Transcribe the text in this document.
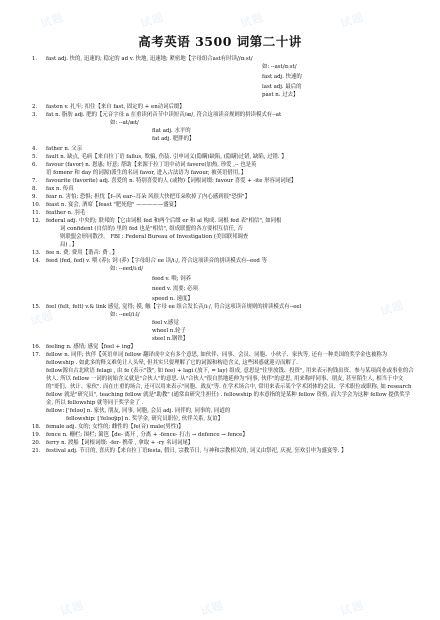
试题	试题	试题	试题
试题
试题
试题	试题	试题
高考英语 3500 词第二十讲
1. fast adj. 快的, 迅速的; 稳定的 ad v. 快地, 迅速地; 紧密地【字母组合ast有时读//ɑːst/
如: --ast/ɑːst/
fast adj. 快速的
last adj. 最后的
past n. 过去】
2. fasten v. 扎牢; 扣住【来自 fast, 固定的 + en动词后缀】
3. fat n. 脂肪 adj. 肥的【元音字母 a 在重读闭音节中读短音/æ/, 符合这项读音规则的拼读模式有--at
如: --at/æt/
flat adj. 水平的
fat adj. 肥胖的】
4. father n. 父亲
5. fault n. 缺点, 毛病【来自拉丁语 fallus, 欺骗, 伤装. 引申词义(隐瞒)缺陷, (隐瞒)过错, 缺陷, 过错. 】
6. favour (favor) n. 恩惠; 好意; 帮助【来源于拉丁语中动词 favere(加热, 珍爱 ,-- 也是英
语 fomenr 和 day 的词源)派生的名词 favor, 进入古法语为 favour, 被英语借用。】
7. favourite (favorite) adj. 喜爱的 n. 特别喜爱的人 (或物)【词根词缀: favour 喜爱 + -ite 形容词词尾】
8. fax n. 传真
9. fear n. 害怕; 恐惧; 担忧【f--风 ear--耳朵 风很大快把耳朵吹掉了内心感到很"恐惧"】
10. feast n. 宴会, 酒席【feast "肥死他" —————盛宴】
11. feather n. 羽毛
12. federal adj. 中央的; 联邦的【它由词根 fed 和两个后缀 er 和 al 构成. 词根 fed 表"相信", 如同根
词 confident (自信的) 里的 fed 也是"相信", 组成联盟的各方要相互信任, 否
则联盟会形同散沙。 FBI : Federal Bureau of Investigation (美国联邦调查
局) 。】
13. fee n. 费, 费用【谐音: 费 。】
14. feed (fed, fed) v. 喂 (养); 饲 (养)【字母组合 ee 读/iː/, 符合这项读音的拼读模式有--eed 等
如: --eed/iːd/
feed v. 喂; 饲养
need v. 需要; 必须
speed n. 速度】
15. feel (felt, felt) v.& link 感觉, 觉得; 摸, 触【字母 ee 组合发长音/iː/, 符合这项读音规则的拼读模式有--eel
如: --eel/iːl/
feel v.感觉
wheel n.轮子
steel n.钢铁】
16. feeling n. 感情; 感觉【feel + ing】
17. fellow n. 同伴; 伙伴【英语单词 fellow 翻译成中文有多个意思, 如伙伴、同事、会员、同胞、小伙子、家伙等, 还有一种美国的奖学金也被称为 fellowship . 如此多的释义难免让人头晕, 但其实只要理解了它的词源和构造含义, 这些困惑就迎刃而解了.
fellow源自古北欧语 felagi , 由 fe (表示"钱", 如 fee) + lagi (放下, = lay) 组成, 意思是"往里放钱、投资", 用来表示拘钱出资、参与某项商业或事业的合伙人. 所以 fellow 一词的初始含义就是"合伙人"的意思. 从"合伙人"很自然地延伸为"同事, 伙伴"的意思, 用来称呼同事、朋友, 甚至陌生人, 相当于中文的"哥们、伙计、家伙". 而在庄重的场合, 还可以用来表示"同胞、战友"等. 在学术场合中, 常用来表示某个学术团体的会员、学术职位或职称, 如 research fellow 就是"研究员", teaching fellow 就是"助教" (通常由研究生担任) . fellowship 的本意指的是某种 fellow 资格, 而大学会为这种 fellow 提供奖学金, 所以 fellowship 就等同于奖学金了 .
fellow: ['feləʊ] n. 家伙, 朋友, 同事, 同胞, 会员 adj. 同伴的, 同事的, 同道的
fellowship: ['feləʊʃɪp] n. 奖学金, 研究员职位, 伙伴关系, 友谊】
18. female adj. 女的; 女性的; 雌性的【fe(音) male(男性)】
19. fence n. 栅栏; 围栏; 篱笆【de- 离开 , 分离 + -fence- 打击 → defence → fence】
20. ferry n. 渡船【词根词缀: -fer- 携带 , 拿取 + -ry 名词词尾】
21. festival adj. 节日的, 喜庆的【来自拉丁语festa, 假日, 宗教节日, 与神和宗教相关的, 词义由祭祀, 庆祝, 狂欢引申为盛宴等. 】
